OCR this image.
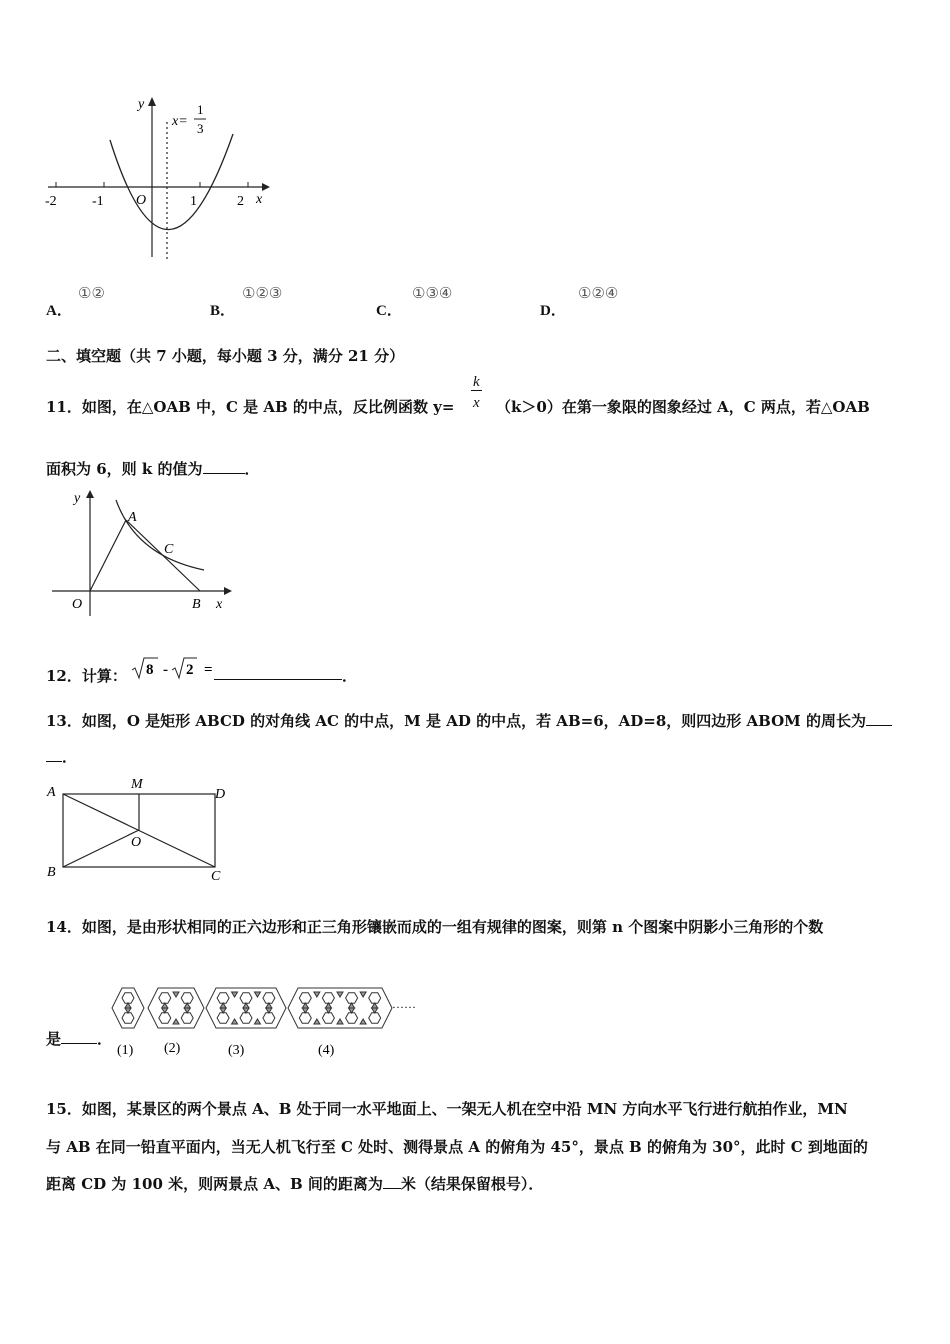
y
x
O
x=
1
3
-2	-1	1	2
A．
①②
B．
①②③
C．
①③④
D．
①②④
二、填空题（共 7 小题，每小题 3 分，满分 21 分）
11．如图，在△OAB 中，C 是 AB 的中点，反比例函数 $y= \frac{k}{x} (k>0)$在第一象限的图象经过 A，C 两点，若△OAB
面积为 6，则 k 的值为	．
y
x
O
A
C
B
12．计算： 8 - 2 =	．
13．如图，O 是矩形 ABCD 的对角线 AC 的中点，M 是 AD 的中点，若 AB=6，AD=8，则四边形 ABOM 的周长为
．
A
M
D
O
B	C
14．如图，是由形状相同的正六边形和正三角形镶嵌而成的一组有规律的图案，则第 n 个图案中阴影小三角形的个数
是 ．
(1) (2)	(3)	(4)
……
15．如图，某景区的两个景点 A、B 处于同一水平地面上、一架无人机在空中沿 MN 方向水平飞行进行航拍作业，MN
与 AB 在同一铅直平面内，当无人机飞行至 C 处时、测得景点 A 的俯角为 45°，景点 B 的俯角为 30°，此时 C 到地面的
距离 CD 为 100 米，则两景点 A、B 间的距离为 米（结果保留根号）．
